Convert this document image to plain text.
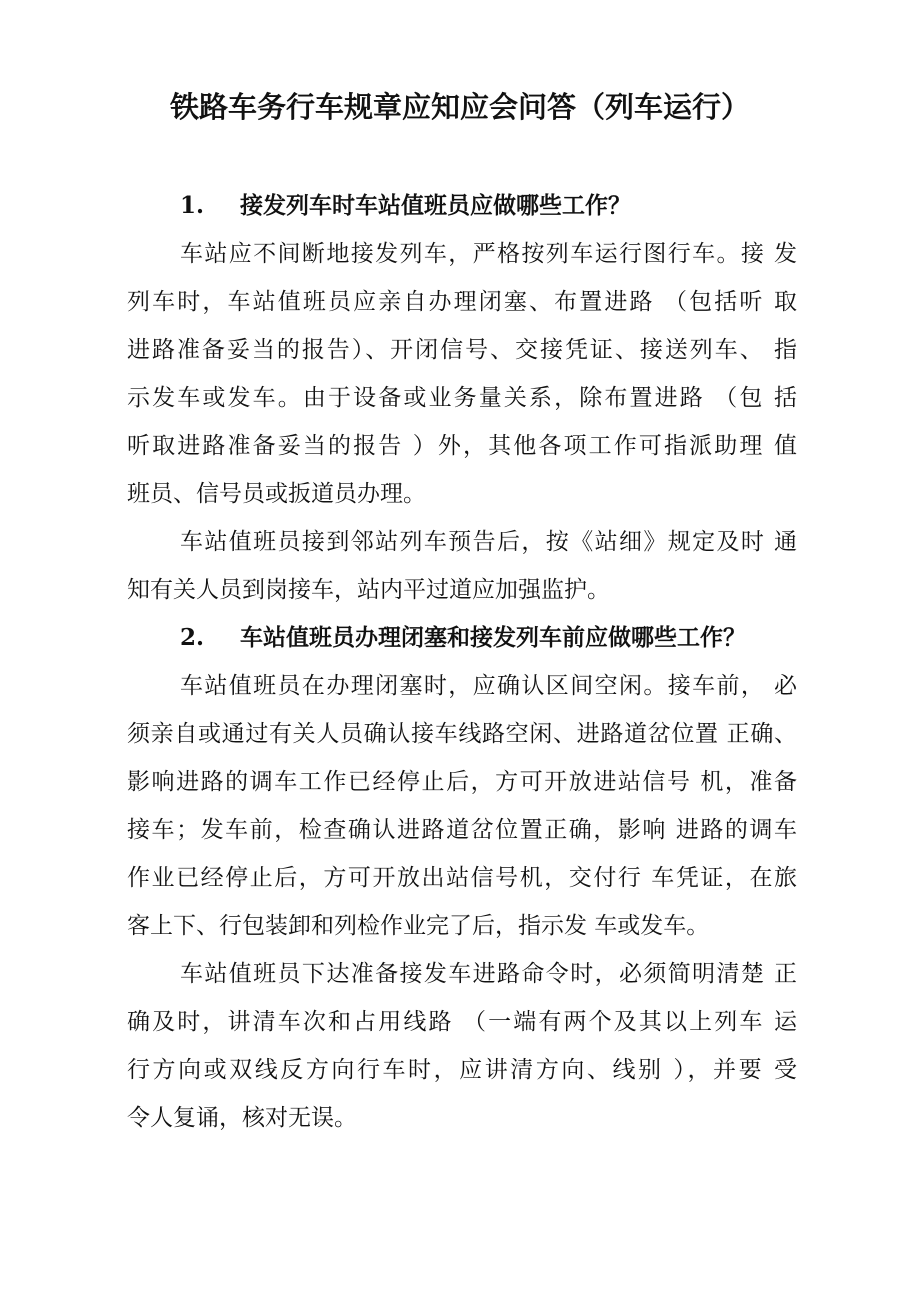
铁路车务行车规章应知应会问答（列车运行）
1. 接发列车时车站值班员应做哪些工作？
车站应不间断地接发列车，严格按列车运行图行车。接 发
列车时，车站值班员应亲自办理闭塞、布置进路 （包括听 取
进路准备妥当的报告）、开闭信号、交接凭证、接送列车、 指
示发车或发车。由于设备或业务量关系，除布置进路 （包 括
听取进路准备妥当的报告 ）外，其他各项工作可指派助理 值
班员、信号员或扳道员办理。
车站值班员接到邻站列车预告后，按《站细》规定及时 通
知有关人员到岗接车，站内平过道应加强监护。
2. 车站值班员办理闭塞和接发列车前应做哪些工作？
车站值班员在办理闭塞时，应确认区间空闲。接车前， 必
须亲自或通过有关人员确认接车线路空闲、进路道岔位置 正确、
影响进路的调车工作已经停止后，方可开放进站信号 机，准备
接车；发车前，检查确认进路道岔位置正确，影响 进路的调车
作业已经停止后，方可开放出站信号机，交付行 车凭证，在旅
客上下、行包装卸和列检作业完了后，指示发 车或发车。
车站值班员下达准备接发车进路命令时，必须简明清楚 正
确及时，讲清车次和占用线路 （一端有两个及其以上列车 运
行方向或双线反方向行车时，应讲清方向、线别 ），并要 受
令人复诵，核对无误。
